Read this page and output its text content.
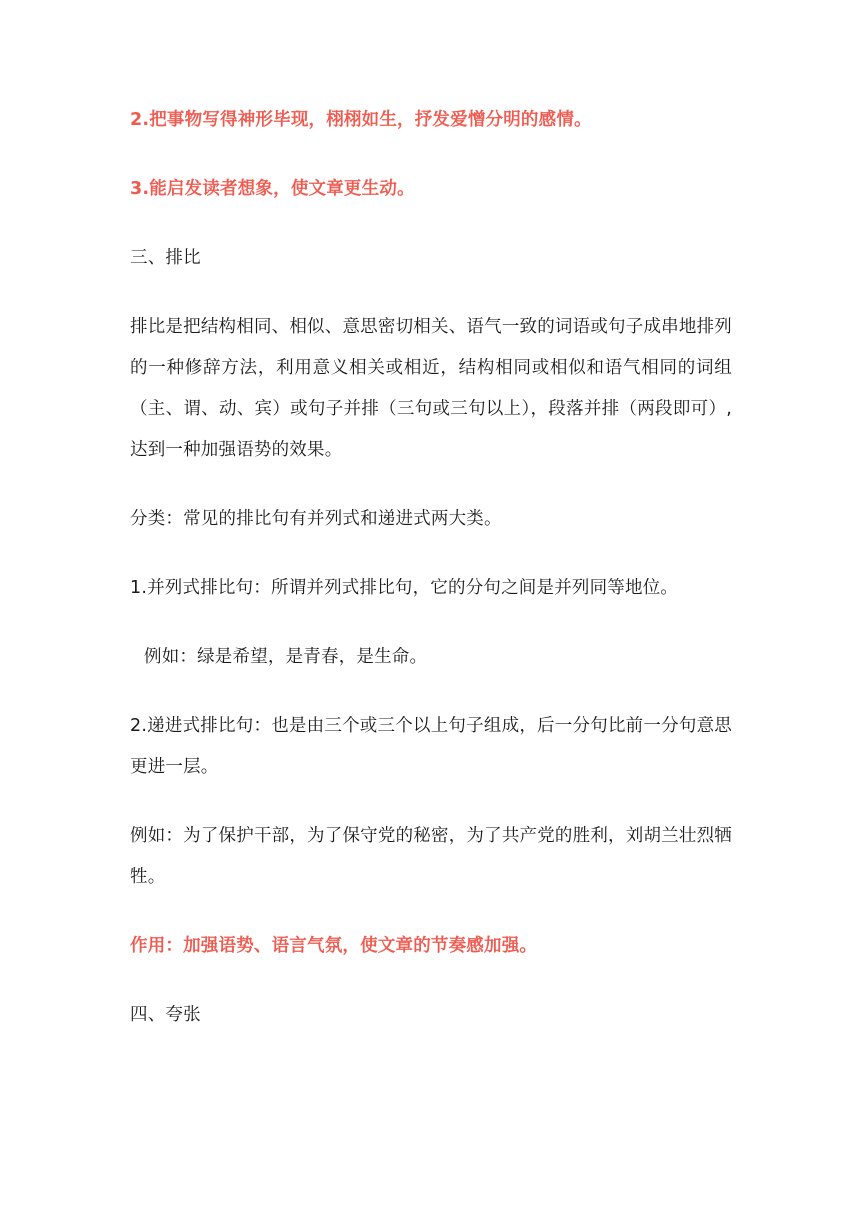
2.把事物写得神形毕现，栩栩如生，抒发爱憎分明的感情。

3.能启发读者想象，使文章更生动。

三、排比

排比是把结构相同、相似、意思密切相关、语气一致的词语或句子成串地排列的一种修辞方法，利用意义相关或相近，结构相同或相似和语气相同的词组（主、谓、动、宾）或句子并排（三句或三句以上），段落并排（两段即可）,达到一种加强语势的效果。

分类：常见的排比句有并列式和递进式两大类。

1.并列式排比句：所谓并列式排比句，它的分句之间是并列同等地位。

例如：绿是希望，是青春，是生命。

2.递进式排比句：也是由三个或三个以上句子组成，后一分句比前一分句意思更进一层。

例如：为了保护干部，为了保守党的秘密，为了共产党的胜利，刘胡兰壮烈牺牲。

作用：加强语势、语言气氛，使文章的节奏感加强。

四、夸张
